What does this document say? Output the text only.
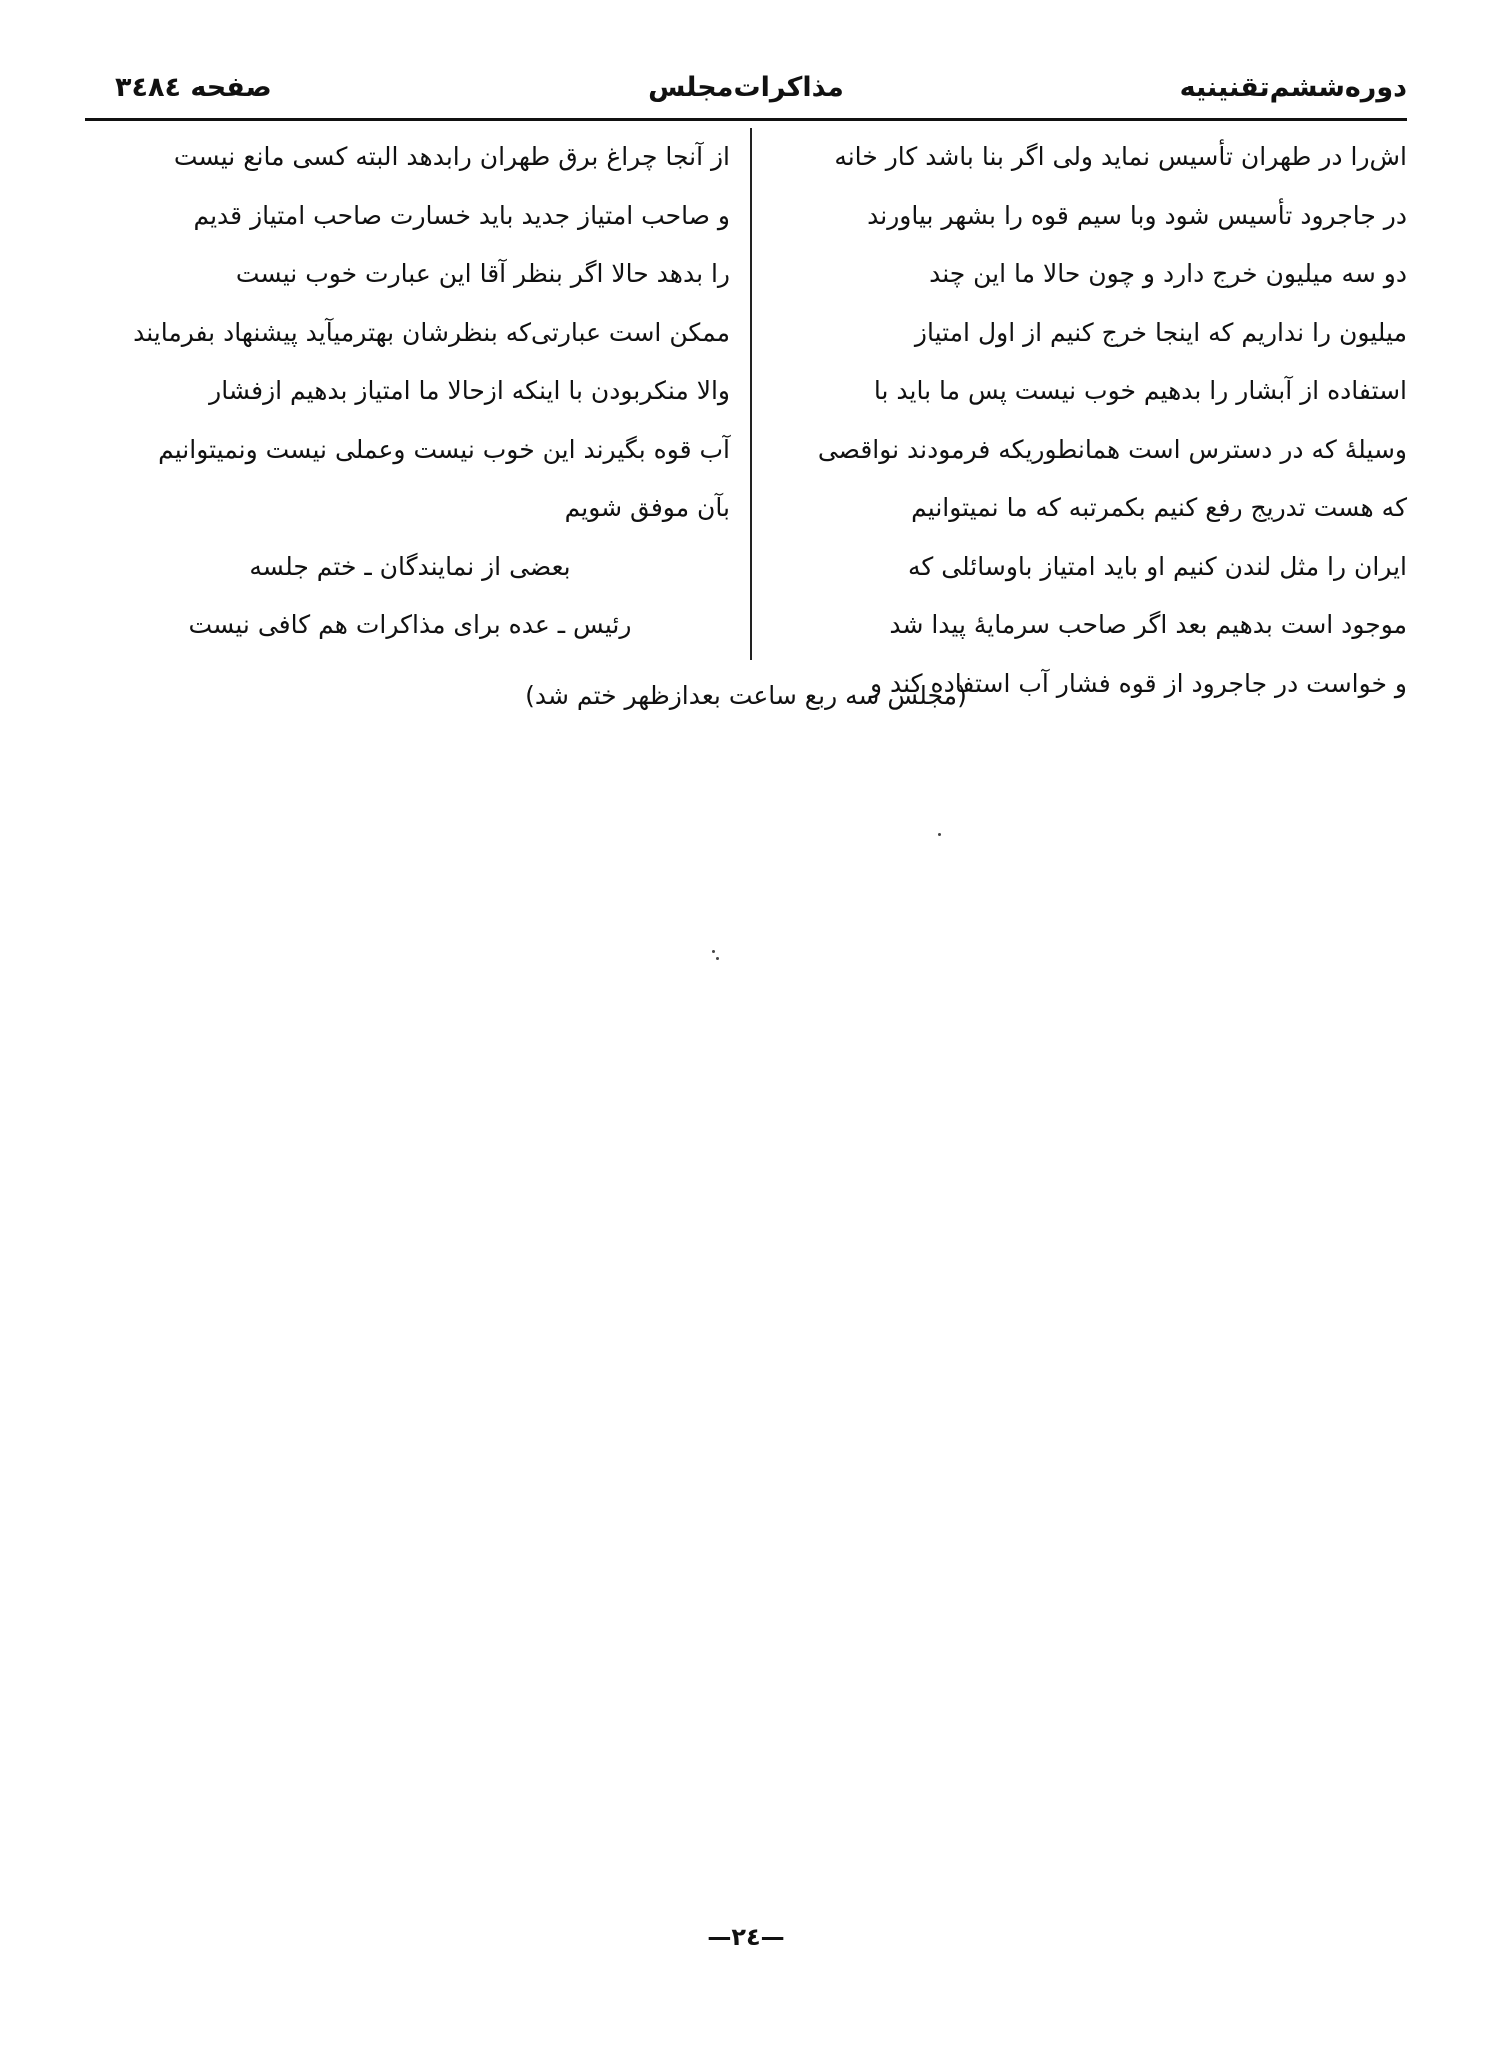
دوره‌ششم‌تقنینیه
مذاکرات‌مجلس
صفحه ٣٤٨٤

اش‌را در طهران تأسیس نماید ولی اگر بنا باشد کار خانه

در جاجرود تأسیس شود وبا سیم قوه را بشهر بیاورند

دو سه میلیون خرج دارد و چون حالا ما این چند

میلیون را نداریم که اینجا خرج کنیم از اول امتیاز

استفاده از آبشار را بدهیم خوب نیست پس ما باید با

وسیلهٔ که در دسترس است همانطوریکه فرمودند نواقصی

که هست تدریج رفع کنیم بکمرتبه که ما نمیتوانیم

ایران را مثل لندن کنیم او باید امتیاز باوسائلی که

موجود است بدهیم بعد اگر صاحب سرمایهٔ پیدا شد

و خواست در جاجرود از قوه فشار آب استفاده کند و

از آنجا چراغ برق طهران رابدهد البته کسی مانع نیست

و صاحب امتیاز جدید باید خسارت صاحب امتیاز قدیم

را بدهد حالا اگر بنظر آقا این عبارت خوب نیست

ممکن است عبارتی‌که بنظرشان بهترمیآید پیشنهاد بفرمایند

والا منکربودن با اینکه ازحالا ما امتیاز بدهیم ازفشار

آب قوه بگیرند این خوب نیست وعملی نیست ونمیتوانیم

بآن موفق شویم

بعضی از نمایندگان ـ ختم جلسه

رئیس ـ عده برای مذاکرات هم کافی نیست

(مجلس سه ربع ساعت بعدازظهر ختم شد)
—٢٤—
